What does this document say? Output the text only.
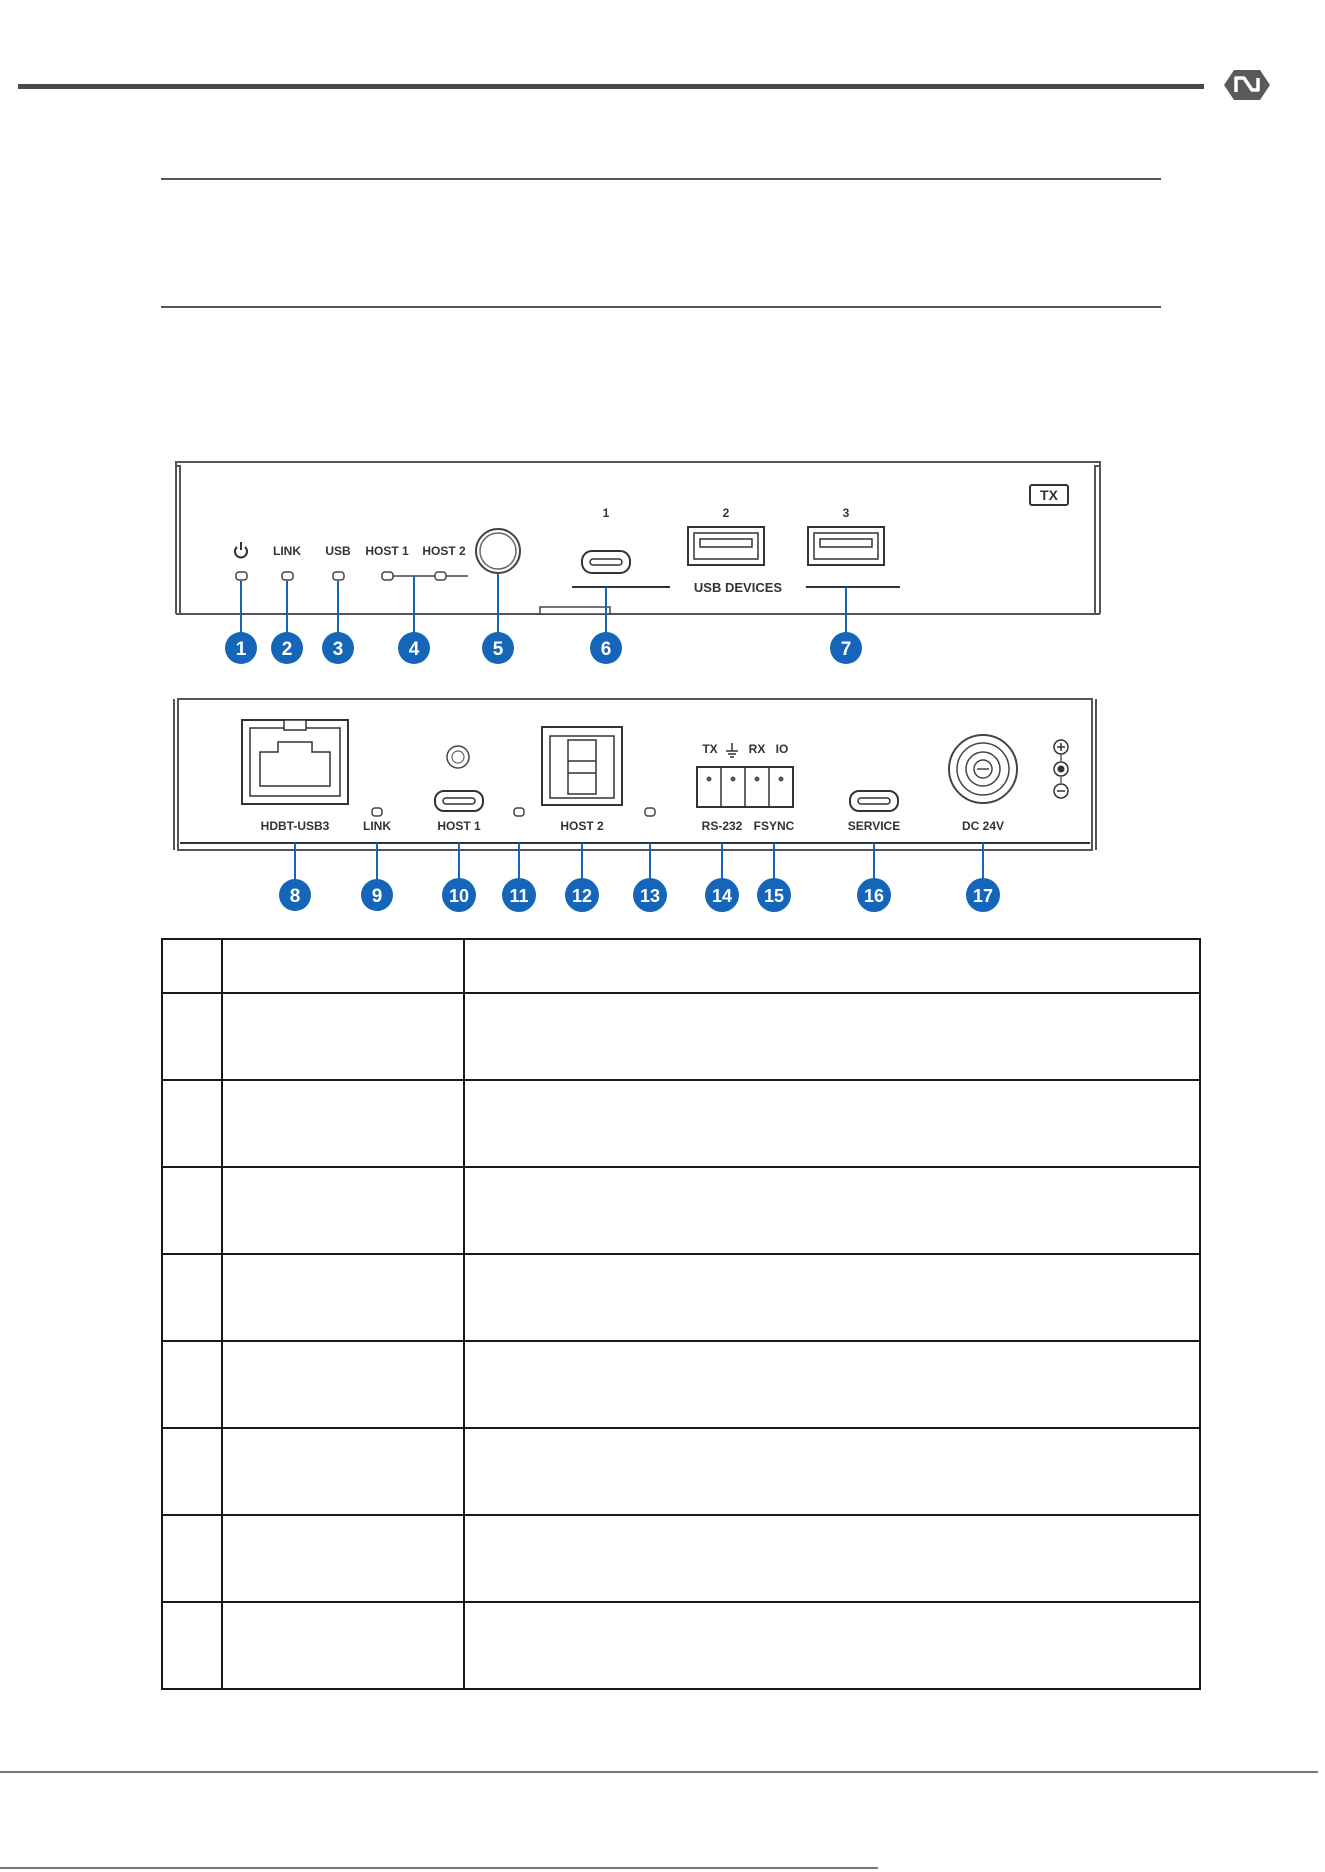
TX
LINK USB HOST 1 HOST 2
1	2	3
USB DEVICES
1 2 3	4	5	6	7
HDBT-USB3	LINK	HOST 1	HOST 2
TX	RX IO
RS-232 FSYNC	SERVICE	DC 24V
8	9	10 11 12	13	14 15	16	17
